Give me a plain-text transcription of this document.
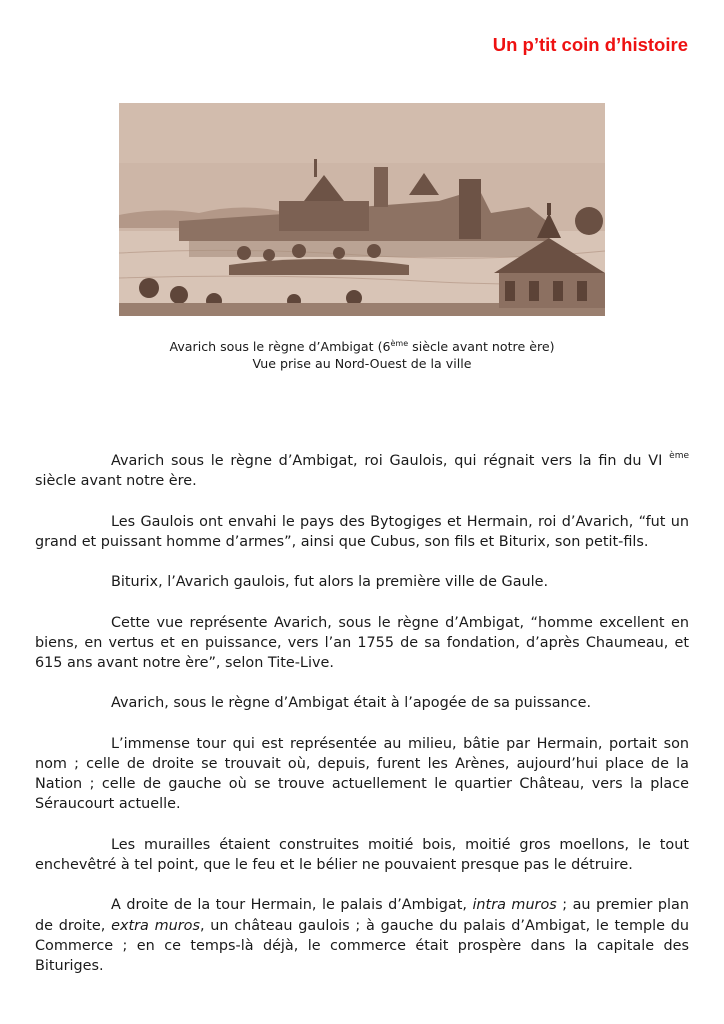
Un p’tit coin d’histoire
Avarich sous le règne d’Ambigat (6ème siècle avant notre ère)
Vue prise au Nord-Ouest de la ville

Avarich sous le règne d’Ambigat, roi Gaulois, qui régnait vers la fin du VI $^{ème}$ siècle avant notre ère.

Les Gaulois ont envahi le pays des Bytogiges et Hermain, roi d’Avarich, “fut un grand et puissant homme d’armes”, ainsi que Cubus, son fils et Biturix, son petit-fils.

Biturix, l’Avarich gaulois, fut alors la première ville de Gaule.

Cette vue représente Avarich, sous le règne d’Ambigat, “homme excellent en biens, en vertus et en puissance, vers l’an 1755 de sa fondation, d’après Chaumeau, et 615 ans avant notre ère”, selon Tite-Live.

Avarich, sous le règne d’Ambigat était à l’apogée de sa puissance.

L’immense tour qui est représentée au milieu, bâtie par Hermain, portait son nom ; celle de droite se trouvait où, depuis, furent les Arènes, aujourd’hui place de la Nation ; celle de gauche où se trouve actuellement le quartier Château, vers la place Séraucourt actuelle.

Les murailles étaient construites moitié bois, moitié gros moellons, le tout enchevêtré à tel point, que le feu et le bélier ne pouvaient presque pas le détruire.

A droite de la tour Hermain, le palais d’Ambigat, intra muros ; au premier plan de droite, extra muros, un château gaulois ; à gauche du palais d’Ambigat, le temple du Commerce ; en ce temps-là déjà, le commerce était prospère dans la capitale des Bituriges.
